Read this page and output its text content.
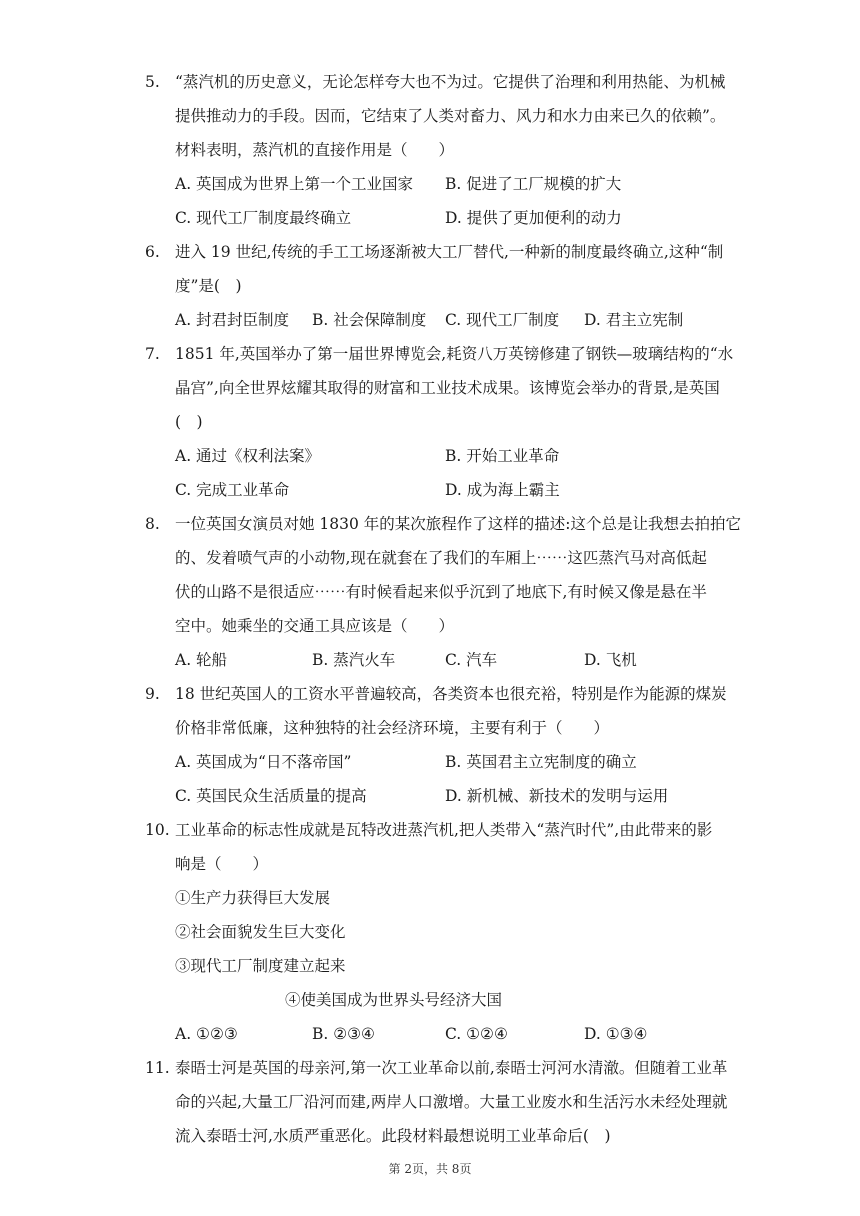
5. “蒸汽机的历史意义，无论怎样夸大也不为过。它提供了治理和利用热能、为机械
提供推动力的手段。因而，它结束了人类对畜力、风力和水力由来已久的依赖”。
材料表明，蒸汽机的直接作用是（　　）
A. 英国成为世界上第一个工业国家 B. 促进了工厂规模的扩大
C. 现代工厂制度最终确立	D. 提供了更加便利的动力
6. 进入 19 世纪,传统的手工工场逐渐被大工厂替代,一种新的制度最终确立,这种“制
度”是(　)
A. 封君封臣制度 B. 社会保障制度 C. 现代工厂制度 D. 君主立宪制
7. 1851 年,英国举办了第一届世界博览会,耗资八万英镑修建了钢铁—玻璃结构的“水
晶宫”,向全世界炫耀其取得的财富和工业技术成果。该博览会举办的背景,是英国
(　)
A. 通过《权利法案》	B. 开始工业革命
C. 完成工业革命	D. 成为海上霸主
8. 一位英国女演员对她 1830 年的某次旅程作了这样的描述:这个总是让我想去拍拍它
的、发着喷气声的小动物,现在就套在了我们的车厢上⋯⋯这匹蒸汽马对高低起
伏的山路不是很适应⋯⋯有时候看起来似乎沉到了地底下,有时候又像是悬在半
空中。她乘坐的交通工具应该是（　　）
A. 轮船	B. 蒸汽火车	C. 汽车	D. 飞机
9. 18 世纪英国人的工资水平普遍较高，各类资本也很充裕，特别是作为能源的煤炭
价格非常低廉，这种独特的社会经济环境，主要有利于（　　）
A. 英国成为“日不落帝国”	B. 英国君主立宪制度的确立
C. 英国民众生活质量的提高	D. 新机械、新技术的发明与运用
10. 工业革命的标志性成就是瓦特改进蒸汽机,把人类带入“蒸汽时代”,由此带来的影
响是（　　）
①生产力获得巨大发展
②社会面貌发生巨大变化
③现代工厂制度建立起来
④使美国成为世界头号经济大国
A. ①②③	B. ②③④	C. ①②④	D. ①③④
11. 泰晤士河是英国的母亲河,第一次工业革命以前,泰晤士河河水清澈。但随着工业革
命的兴起,大量工厂沿河而建,两岸人口激增。大量工业废水和生活污水未经处理就
流入泰晤士河,水质严重恶化。此段材料最想说明工业革命后(　)
第 2页，共 8页
